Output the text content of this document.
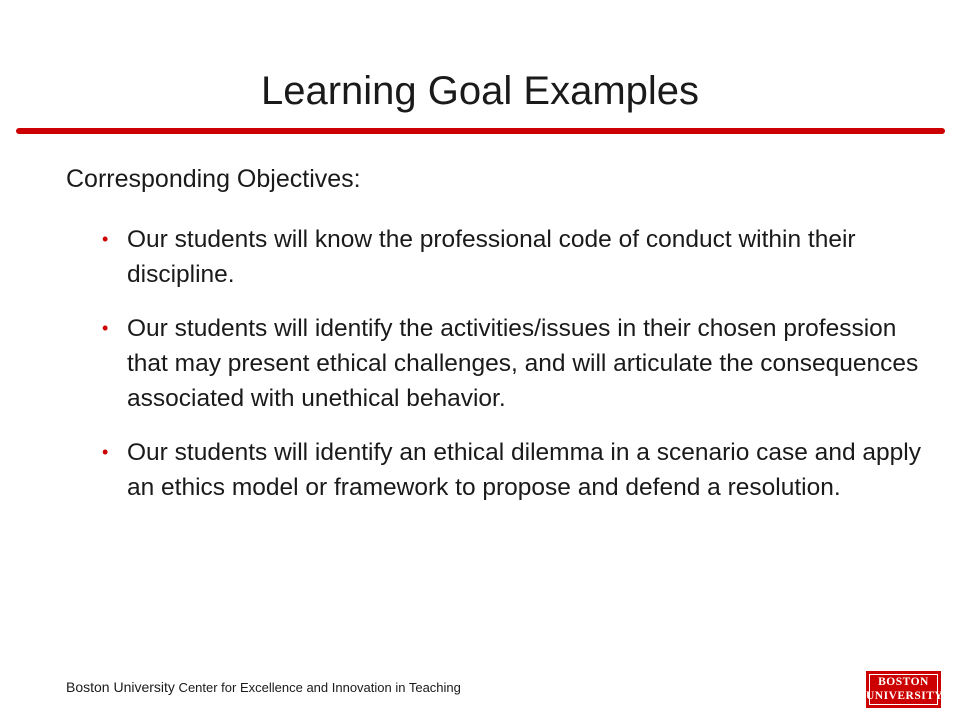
Learning Goal Examples
Corresponding Objectives:
• Our students will know the professional code of conduct within their discipline.
• Our students will identify the activities/issues in their chosen profession that may present ethical challenges, and will articulate the consequences associated with unethical behavior.
• Our students will identify an ethical dilemma in a scenario case and apply an ethics model or framework to propose and defend a resolution.
Boston University Center for Excellence and Innovation in Teaching	BOSTON
UNIVERSITY
